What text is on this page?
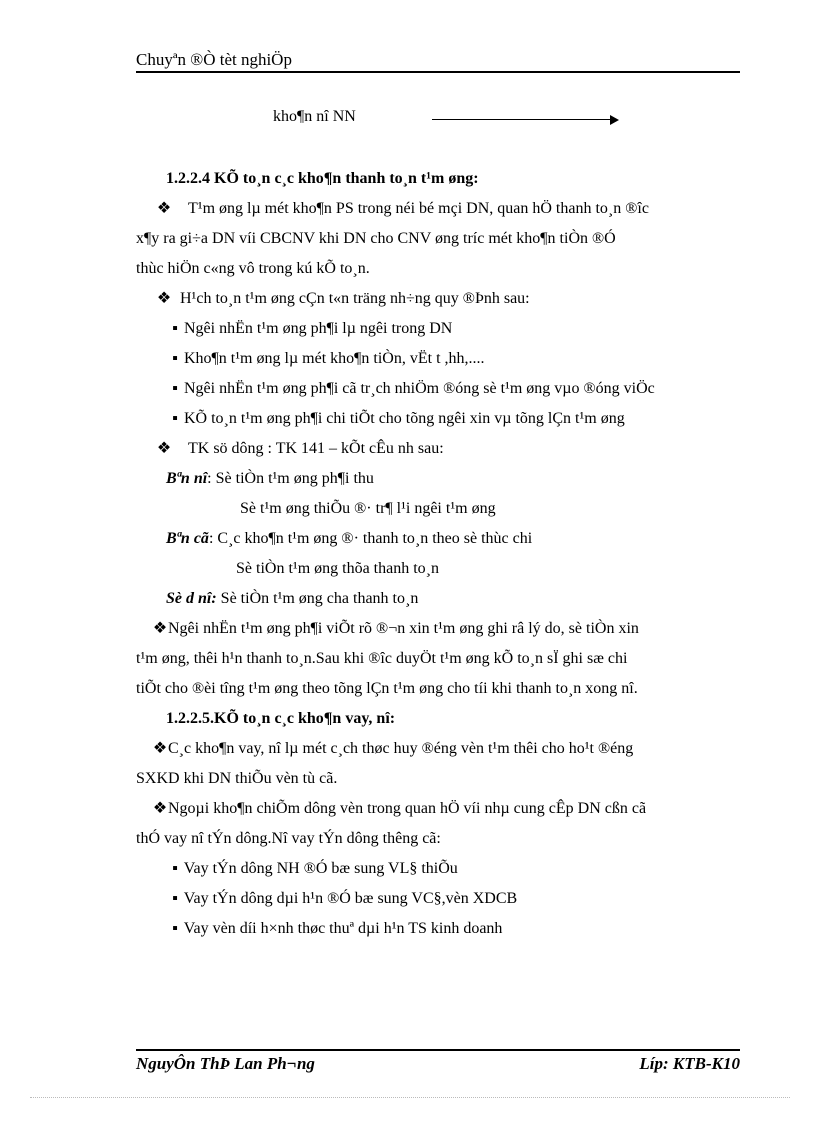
Chuyªn ®Ò tèt nghiÖp
kho¶n nî NN
1.2.2.4 KÕ to¸n c¸c kho¶n thanh to¸n t¹m øng:
❖ T¹m øng lµ mét kho¶n PS trong néi bé mçi DN, quan hÖ thanh to¸n ®îc
x¶y ra gi÷a DN víi CBCNV khi DN cho CNV øng tríc mét kho¶n tiÒn ®Ó
thùc hiÖn c«ng vô trong kú kÕ to¸n.
❖ H¹ch to¸n t¹m øng cÇn t«n träng nh÷ng quy ®Þnh sau:
▪ Ngêi nhËn t¹m øng ph¶i lµ ngêi trong DN
▪ Kho¶n t¹m øng lµ mét kho¶n tiÒn, vËt t ,hh,....
▪ Ngêi nhËn t¹m øng ph¶i cã tr¸ch nhiÖm ®óng sè t¹m øng vµo ®óng viÖc
▪ KÕ to¸n t¹m øng ph¶i chi tiÕt cho tõng ngêi xin vµ tõng lÇn t¹m øng
❖ TK sö dông : TK 141 – kÕt cÊu nh sau:
Bªn nî: Sè tiÒn t¹m øng ph¶i thu
Sè t¹m øng thiÕu ®· tr¶ l¹i ngêi t¹m øng
Bªn cã: C¸c kho¶n t¹m øng ®· thanh to¸n theo sè thùc chi
Sè tiÒn t¹m øng thõa thanh to¸n
Sè d nî: Sè tiÒn t¹m øng cha thanh to¸n
❖Ngêi nhËn t¹m øng ph¶i viÕt rõ ®¬n xin t¹m øng ghi râ lý do, sè tiÒn xin
t¹m øng, thêi h¹n thanh to¸n.Sau khi ®îc duyÖt t¹m øng kÕ to¸n sÏ ghi sæ chi
tiÕt cho ®èi tîng t¹m øng theo tõng lÇn t¹m øng cho tíi khi thanh to¸n xong nî.
1.2.2.5.KÕ to¸n c¸c kho¶n vay, nî:
❖C¸c kho¶n vay, nî lµ mét c¸ch thøc huy ®éng vèn t¹m thêi cho ho¹t ®éng
SXKD khi DN thiÕu vèn tù cã.
❖Ngoµi kho¶n chiÕm dông vèn trong quan hÖ víi nhµ cung cÊp DN cßn cã
thÓ vay nî tÝn dông.Nî vay tÝn dông thêng cã:
▪ Vay tÝn dông NH ®Ó bæ sung VL§ thiÕu
▪ Vay tÝn dông dµi h¹n ®Ó bæ sung VC§,vèn XDCB
▪ Vay vèn díi h×nh thøc thuª dµi h¹n TS kinh doanh
NguyÔn ThÞ Lan Ph¬ng	Líp: KTB-K10
